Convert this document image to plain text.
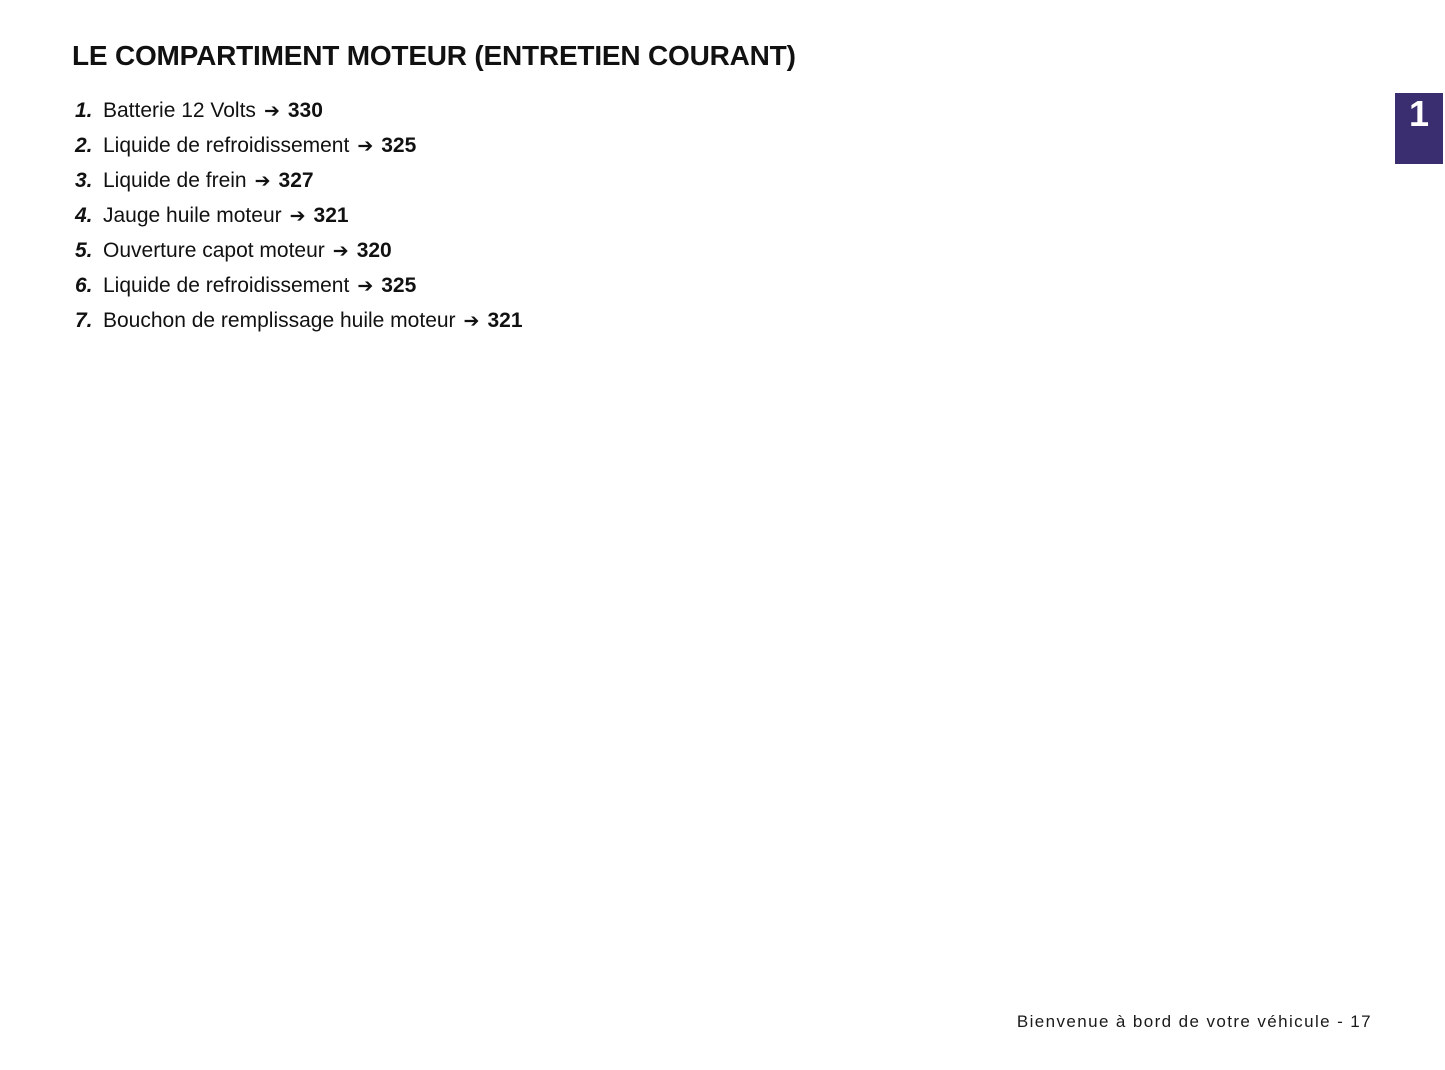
LE COMPARTIMENT MOTEUR (ENTRETIEN COURANT)
1. Batterie 12 Volts ➔ 330
2. Liquide de refroidissement ➔ 325
3. Liquide de frein ➔ 327
4. Jauge huile moteur ➔ 321
5. Ouverture capot moteur ➔ 320
6. Liquide de refroidissement ➔ 325
7. Bouchon de remplissage huile moteur ➔ 321
1
Bienvenue à bord de votre véhicule - 17
